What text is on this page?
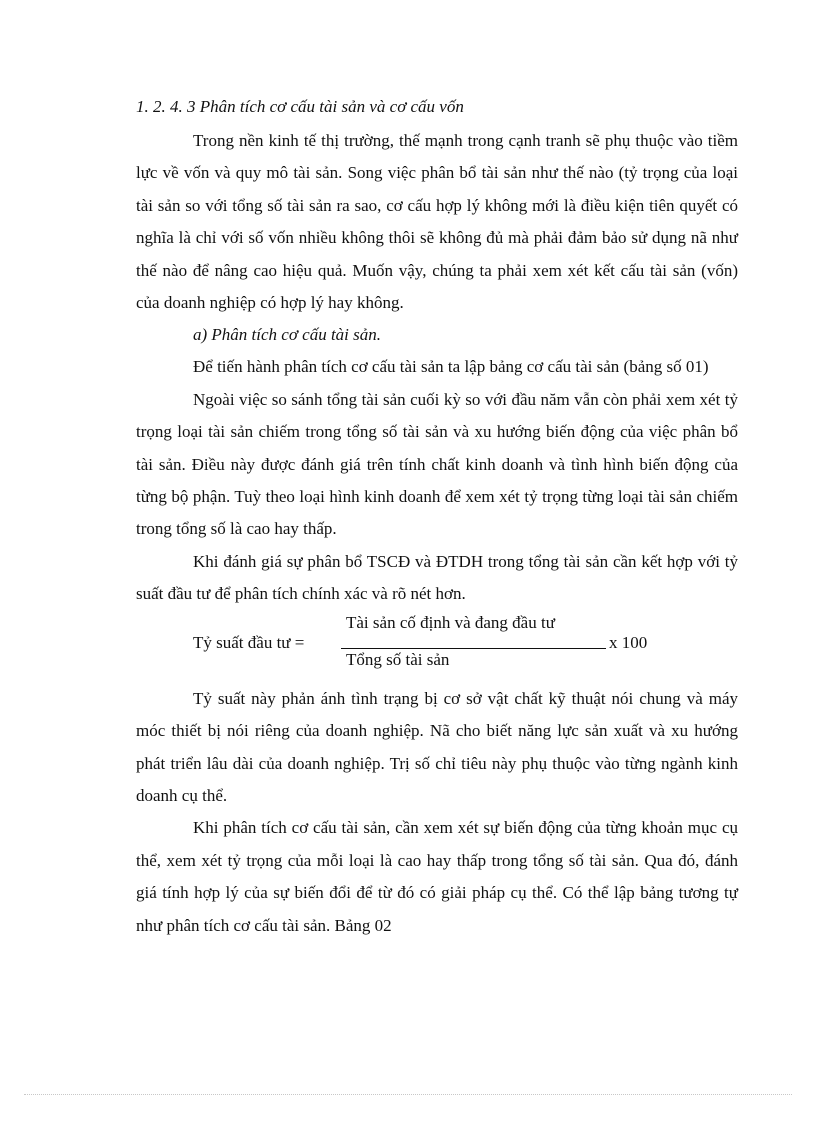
1. 2. 4. 3 Phân tích cơ cấu tài sản và cơ cấu vốn

Trong nền kinh tế thị trường, thế mạnh trong cạnh tranh sẽ phụ thuộc vào tiềm lực về vốn và quy mô tài sản. Song việc phân bổ tài sản như thế nào (tỷ trọng của loại tài sản so với tổng số tài sản ra sao, cơ cấu hợp lý không mới là điều kiện tiên quyết có nghĩa là chỉ với số vốn nhiều không thôi sẽ không đủ mà phải đảm bảo sử dụng nã như thế nào để nâng cao hiệu quả. Muốn vậy, chúng ta phải xem xét kết cấu tài sản (vốn) của doanh nghiệp có hợp lý hay không.

a) Phân tích cơ cấu tài sản.

Để tiến hành phân tích cơ cấu tài sản ta lập bảng cơ cấu tài sản (bảng số 01)

Ngoài việc so sánh tổng tài sản cuối kỳ so với đầu năm vẫn còn phải xem xét tỷ trọng loại tài sản chiếm trong tổng số tài sản và xu hướng biến động của việc phân bổ tài sản. Điều này được đánh giá trên tính chất kinh doanh và tình hình biến động của từng bộ phận. Tuỳ theo loại hình kinh doanh để xem xét tỷ trọng từng loại tài sản chiếm trong tổng số là cao hay thấp.

Khi đánh giá sự phân bổ TSCĐ và ĐTDH trong tổng tài sản cần kết hợp với tỷ suất đầu tư để phân tích chính xác và rõ nét hơn.

Tỷ suất đầu tư =
Tài sản cố định và đang đầu tư
Tổng số tài sản
x 100

Tỷ suất này phản ánh tình trạng bị cơ sở vật chất kỹ thuật nói chung và máy móc thiết bị nói riêng của doanh nghiệp. Nã cho biết năng lực sản xuất và xu hướng phát triển lâu dài của doanh nghiệp. Trị số chỉ tiêu này phụ thuộc vào từng ngành kinh doanh cụ thể.

Khi phân tích cơ cấu tài sản, cần xem xét sự biến động của từng khoản mục cụ thể, xem xét tỷ trọng của mỗi loại là cao hay thấp trong tổng số tài sản. Qua đó, đánh giá tính hợp lý của sự biến đổi để từ đó có giải pháp cụ thể. Có thể lập bảng tương tự như phân tích cơ cấu tài sản. Bảng 02
